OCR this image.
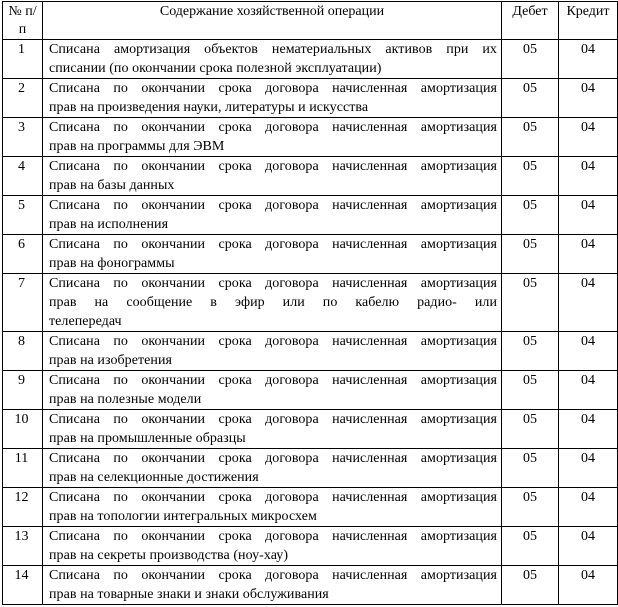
№ п/п	Содержание хозяйственной операции	Дебет	Кредит
1	Списана амортизация объектов нематериальных активов при их
списании (по окончании срока полезной эксплуатации)	05	04
2	Списана по окончании срока договора начисленная амортизация
прав на произведения науки, литературы и искусства	05	04
3	Списана по окончании срока договора начисленная амортизация
прав на программы для ЭВМ	05	04
4	Списана по окончании срока договора начисленная амортизация
прав на базы данных	05	04
5	Списана по окончании срока договора начисленная амортизация
прав на исполнения	05	04
6	Списана по окончании срока договора начисленная амортизация
прав на фонограммы	05	04
7	Списана по окончании срока договора начисленная амортизация
прав на сообщение в эфир или по кабелю радио- или
телепередач	05	04
8	Списана по окончании срока договора начисленная амортизация
прав на изобретения	05	04
9	Списана по окончании срока договора начисленная амортизация
прав на полезные модели	05	04
10	Списана по окончании срока договора начисленная амортизация
прав на промышленные образцы	05	04
11	Списана по окончании срока договора начисленная амортизация
прав на селекционные достижения	05	04
12	Списана по окончании срока договора начисленная амортизация
прав на топологии интегральных микросхем	05	04
13	Списана по окончании срока договора начисленная амортизация
прав на секреты производства (ноу-хау)	05	04
14	Списана по окончании срока договора начисленная амортизация
прав на товарные знаки и знаки обслуживания	05	04
